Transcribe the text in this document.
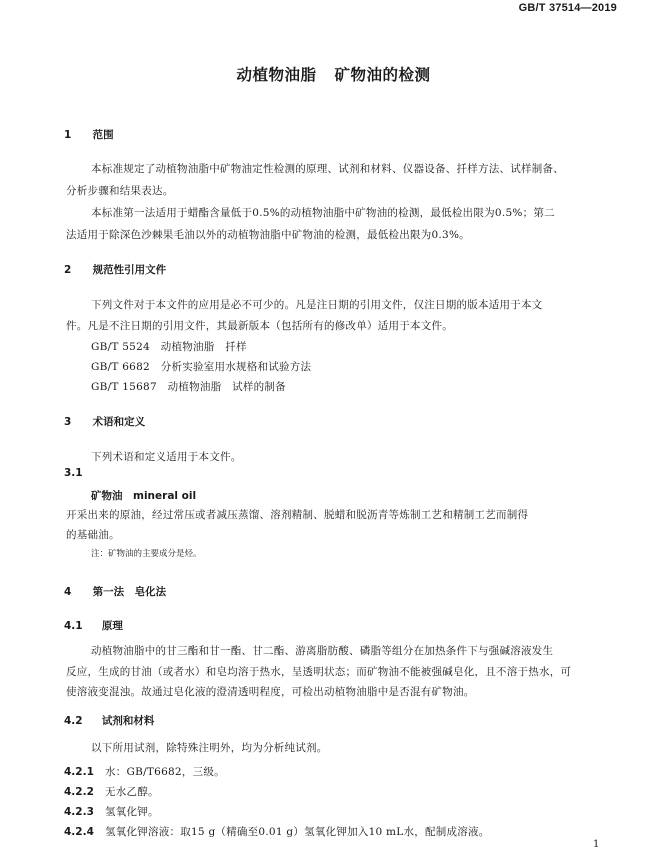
GB/T 37514—2019
动植物油脂 矿物油的检测
1 范围
本标准规定了动植物油脂中矿物油定性检测的原理、试剂和材料、仪器设备、扦样方法、试样制备、
分析步骤和结果表达。
本标准第一法适用于蜡酯含量低于0.5%的动植物油脂中矿物油的检测，最低检出限为0.5%；第二
法适用于除深色沙棘果毛油以外的动植物油脂中矿物油的检测，最低检出限为0.3%。
2 规范性引用文件
下列文件对于本文件的应用是必不可少的。凡是注日期的引用文件，仅注日期的版本适用于本文
件。凡是不注日期的引用文件，其最新版本（包括所有的修改单）适用于本文件。
GB/T 5524　动植物油脂　扦样
GB/T 6682　分析实验室用水规格和试验方法
GB/T 15687　动植物油脂　试样的制备
3 术语和定义
下列术语和定义适用于本文件。
3.1
矿物油　mineral oil
开采出来的原油，经过常压或者减压蒸馏、溶剂精制、脱蜡和脱沥青等炼制工艺和精制工艺而制得
的基础油。
注：矿物油的主要成分是烃。
4 第一法　皂化法
4.1 原理
动植物油脂中的甘三酯和甘一酯、甘二酯、游离脂肪酸、磷脂等组分在加热条件下与强碱溶液发生
反应，生成的甘油（或者水）和皂均溶于热水，呈透明状态；而矿物油不能被强碱皂化，且不溶于热水，可
使溶液变混浊。故通过皂化液的澄清透明程度，可检出动植物油脂中是否混有矿物油。
4.2 试剂和材料
以下所用试剂，除特殊注明外，均为分析纯试剂。
4.2.1 水：GB/T6682，三级。
4.2.2 无水乙醇。
4.2.3 氢氧化钾。
4.2.4 氢氧化钾溶液：取15 g（精确至0.01 g）氢氧化钾加入10 mL水，配制成溶液。
1
